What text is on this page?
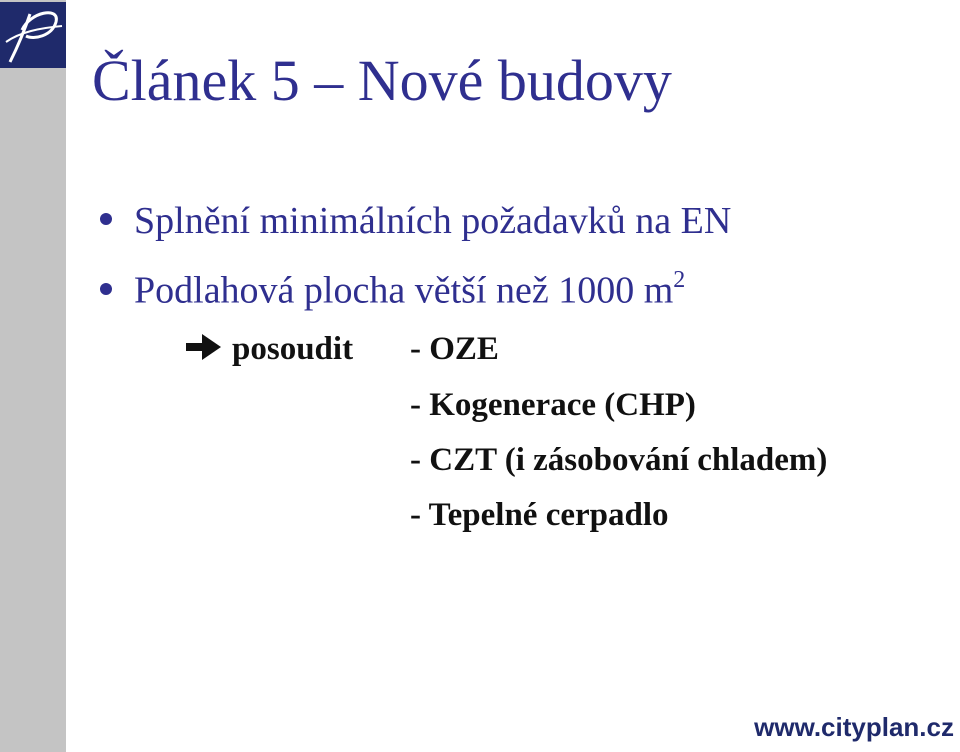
Článek 5 – Nové budovy
Splnění minimálních požadavků na EN
Podlahová plocha větší než 1000 $m^2$
posoudit - OZE
- Kogenerace (CHP)
- CZT (i zásobování chladem)
- Tepelné cerpadlo
www.cityplan.cz
